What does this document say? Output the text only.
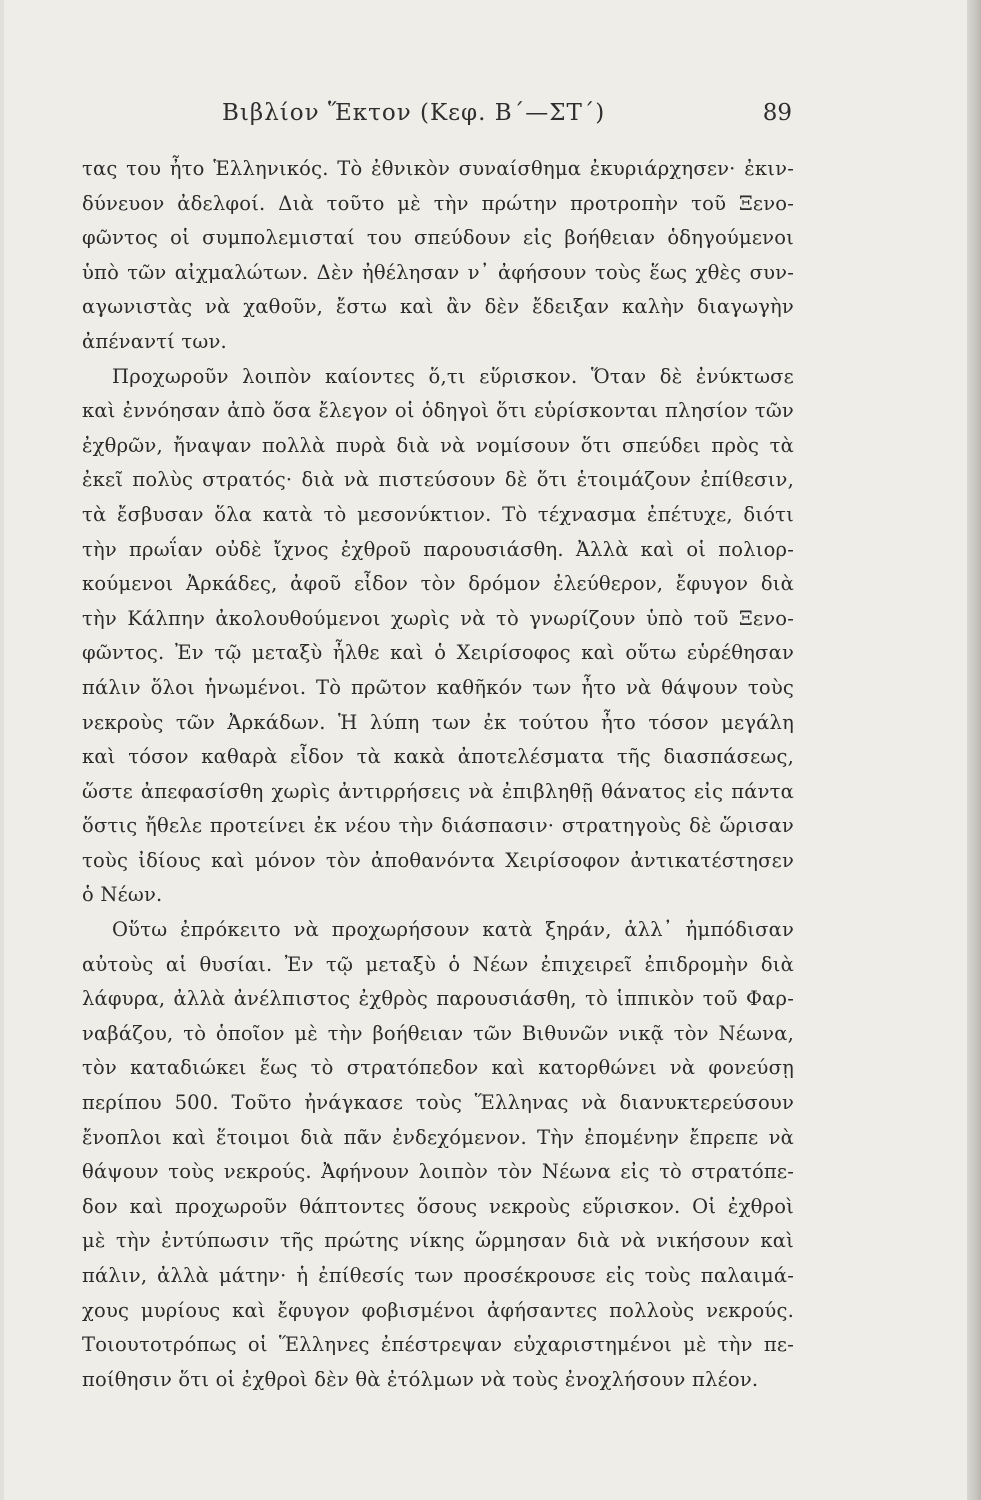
Βιβλίον Ἕκτον (Κεφ. Β΄—ΣΤ΄)	89
τας του ἦτο Ἑλληνικός. Τὸ ἐθνικὸν συναίσθημα ἐκυριάρχησεν· ἐκιν-
δύνευον ἀδελφοί. Διὰ τοῦτο μὲ τὴν πρώτην προτροπὴν τοῦ Ξενο-
φῶντος οἱ συμπολεμισταί του σπεύδουν εἰς βοήθειαν ὁδηγούμενοι
ὑπὸ τῶν αἰχμαλώτων. Δὲν ἠθέλησαν ν᾽ ἀφήσουν τοὺς ἕως χθὲς συν-
αγωνιστὰς νὰ χαθοῦν, ἔστω καὶ ἂν δὲν ἔδειξαν καλὴν διαγωγὴν
ἀπέναντί των.
Προχωροῦν λοιπὸν καίοντες ὅ,τι εὕρισκον. Ὅταν δὲ ἐνύκτωσε
καὶ ἐννόησαν ἀπὸ ὅσα ἔλεγον οἱ ὁδηγοὶ ὅτι εὑρίσκονται πλησίον τῶν
ἐχθρῶν, ἤναψαν πολλὰ πυρὰ διὰ νὰ νομίσουν ὅτι σπεύδει πρὸς τὰ
ἐκεῖ πολὺς στρατός· διὰ νὰ πιστεύσουν δὲ ὅτι ἑτοιμάζουν ἐπίθεσιν,
τὰ ἔσβυσαν ὅλα κατὰ τὸ μεσονύκτιον. Τὸ τέχνασμα ἐπέτυχε, διότι
τὴν πρωΐαν οὐδὲ ἴχνος ἐχθροῦ παρουσιάσθη. Ἀλλὰ καὶ οἱ πολιορ-
κούμενοι Ἀρκάδες, ἀφοῦ εἶδον τὸν δρόμον ἐλεύθερον, ἔφυγον διὰ
τὴν Κάλπην ἀκολουθούμενοι χωρὶς νὰ τὸ γνωρίζουν ὑπὸ τοῦ Ξενο-
φῶντος. Ἐν τῷ μεταξὺ ἦλθε καὶ ὁ Χειρίσοφος καὶ οὕτω εὑρέθησαν
πάλιν ὅλοι ἡνωμένοι. Τὸ πρῶτον καθῆκόν των ἦτο νὰ θάψουν τοὺς
νεκροὺς τῶν Ἀρκάδων. Ἡ λύπη των ἐκ τούτου ἦτο τόσον μεγάλη
καὶ τόσον καθαρὰ εἶδον τὰ κακὰ ἀποτελέσματα τῆς διασπάσεως,
ὥστε ἀπεφασίσθη χωρὶς ἀντιρρήσεις νὰ ἐπιβληθῇ θάνατος εἰς πάντα
ὅστις ἤθελε προτείνει ἐκ νέου τὴν διάσπασιν· στρατηγοὺς δὲ ὥρισαν
τοὺς ἰδίους καὶ μόνον τὸν ἀποθανόντα Χειρίσοφον ἀντικατέστησεν
ὁ Νέων.
Οὕτω ἐπρόκειτο νὰ προχωρήσουν κατὰ ξηράν, ἀλλ᾽ ἠμπόδισαν
αὐτοὺς αἱ θυσίαι. Ἐν τῷ μεταξὺ ὁ Νέων ἐπιχειρεῖ ἐπιδρομὴν διὰ
λάφυρα, ἀλλὰ ἀνέλπιστος ἐχθρὸς παρουσιάσθη, τὸ ἱππικὸν τοῦ Φαρ-
ναβάζου, τὸ ὁποῖον μὲ τὴν βοήθειαν τῶν Βιθυνῶν νικᾷ τὸν Νέωνα,
τὸν καταδιώκει ἕως τὸ στρατόπεδον καὶ κατορθώνει νὰ φονεύσῃ
περίπου 500. Τοῦτο ἠνάγκασε τοὺς Ἕλληνας νὰ διανυκτερεύσουν
ἔνοπλοι καὶ ἕτοιμοι διὰ πᾶν ἐνδεχόμενον. Τὴν ἐπομένην ἔπρεπε νὰ
θάψουν τοὺς νεκρούς. Ἀφήνουν λοιπὸν τὸν Νέωνα εἰς τὸ στρατόπε-
δον καὶ προχωροῦν θάπτοντες ὅσους νεκροὺς εὕρισκον. Οἱ ἐχθροὶ
μὲ τὴν ἐντύπωσιν τῆς πρώτης νίκης ὥρμησαν διὰ νὰ νικήσουν καὶ
πάλιν, ἀλλὰ μάτην· ἡ ἐπίθεσίς των προσέκρουσε εἰς τοὺς παλαιμά-
χους μυρίους καὶ ἔφυγον φοβισμένοι ἀφήσαντες πολλοὺς νεκρούς.
Τοιουτοτρόπως οἱ Ἕλληνες ἐπέστρεψαν εὐχαριστημένοι μὲ τὴν πε-
ποίθησιν ὅτι οἱ ἐχθροὶ δὲν θὰ ἐτόλμων νὰ τοὺς ἐνοχλήσουν πλέον.
